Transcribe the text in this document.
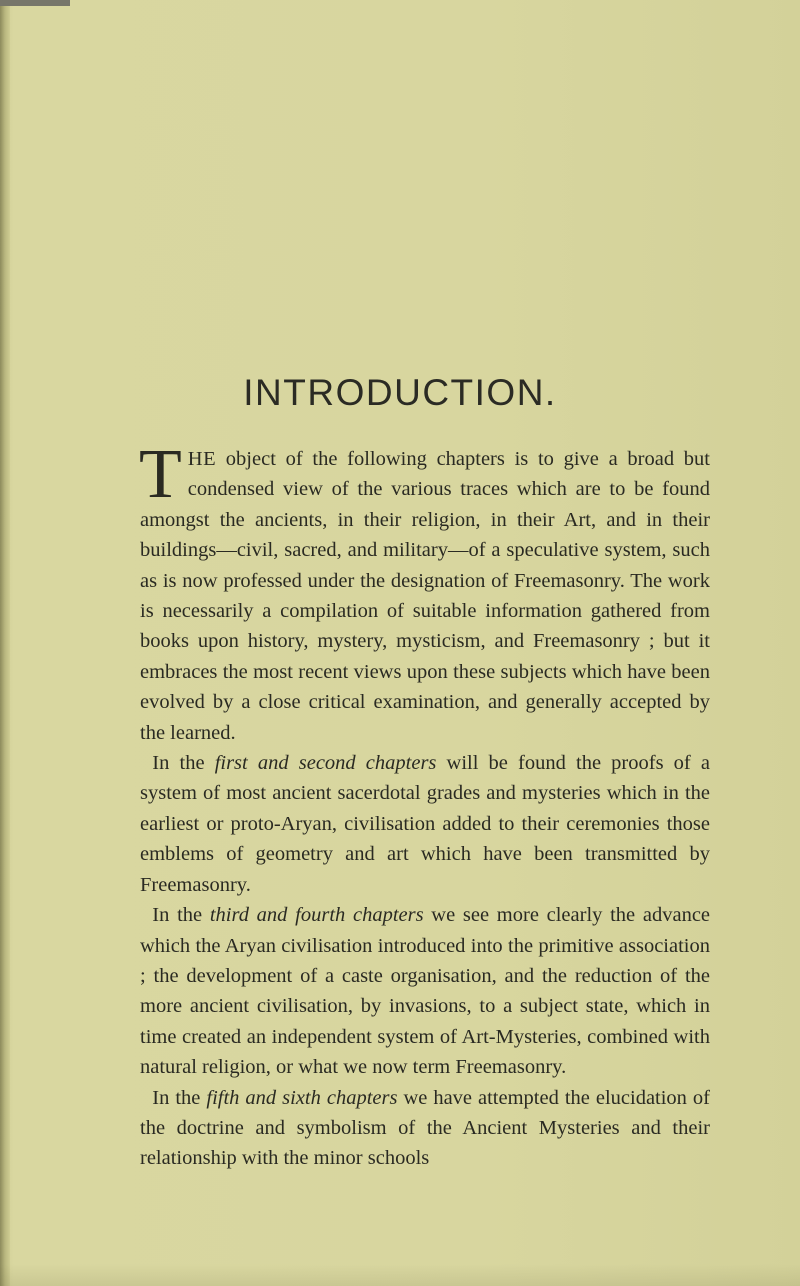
INTRODUCTION.

THE object of the following chapters is to give a broad but condensed view of the various traces which are to be found amongst the ancients, in their religion, in their Art, and in their buildings—civil, sacred, and military—of a speculative system, such as is now professed under the designation of Freemasonry. The work is necessarily a compilation of suitable information gathered from books upon history, mystery, mysticism, and Freemasonry ; but it embraces the most recent views upon these subjects which have been evolved by a close critical examination, and generally accepted by the learned.

In the first and second chapters will be found the proofs of a system of most ancient sacerdotal grades and mysteries which in the earliest or proto-Aryan, civilisation added to their ceremonies those emblems of geometry and art which have been transmitted by Freemasonry.

In the third and fourth chapters we see more clearly the advance which the Aryan civilisation introduced into the primitive association ; the development of a caste organisation, and the reduction of the more ancient civilisation, by invasions, to a subject state, which in time created an independent system of Art-Mysteries, combined with natural religion, or what we now term Freemasonry.

In the fifth and sixth chapters we have attempted the elucidation of the doctrine and symbolism of the Ancient Mysteries and their relationship with the minor schools
